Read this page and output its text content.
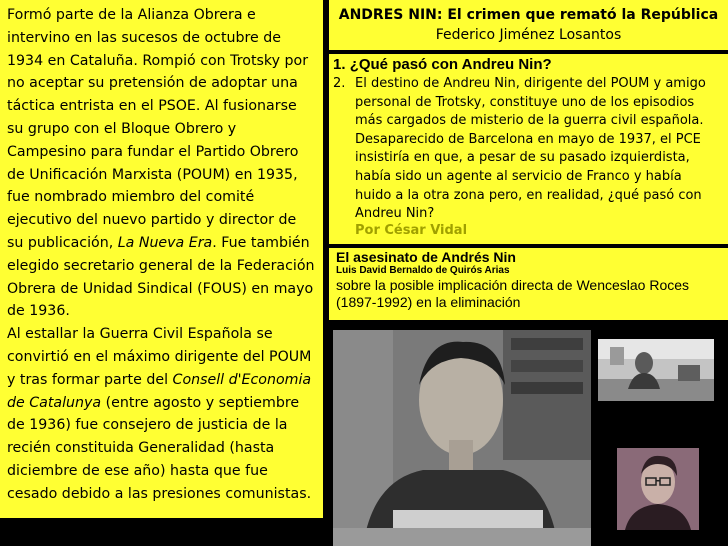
Formó parte de la Alianza Obrera e intervino en las sucesos de octubre de 1934 en Cataluña. Rompió con Trotsky por no aceptar su pretensión de adoptar una táctica entrista en el PSOE. Al fusionarse su grupo con el Bloque Obrero y Campesino para fundar el Partido Obrero de Unificación Marxista (POUM) en 1935, fue nombrado miembro del comité ejecutivo del nuevo partido y director de su publicación, La Nueva Era. Fue también elegido secretario general de la Federación Obrera de Unidad Sindical (FOUS) en mayo de 1936.

Al estallar la Guerra Civil Española se convirtió en el máximo dirigente del POUM y tras formar parte del Consell d'Economia de Catalunya (entre agosto y septiembre de 1936) fue consejero de justicia de la recién constituida Generalidad (hasta diciembre de ese año) hasta que fue cesado debido a las presiones comunistas.

ANDRES NIN: El crimen que remató la República
Federico Jiménez Losantos
1. ¿Qué pasó con Andreu Nin?
2. El destino de Andreu Nin, dirigente del POUM y amigo personal de Trotsky, constituye uno de los episodios más cargados de misterio de la guerra civil española. Desaparecido de Barcelona en mayo de 1937, el PCE insistiría en que, a pesar de su pasado izquierdista, había sido un agente al servicio de Franco y había huido a la otra zona pero, en realidad, ¿qué pasó con Andreu Nin?
Por César Vidal
El asesinato de Andrés Nin
Luis David Bernaldo de Quirós Arias
sobre la posible implicación directa de Wenceslao Roces (1897-1992) en la eliminación
